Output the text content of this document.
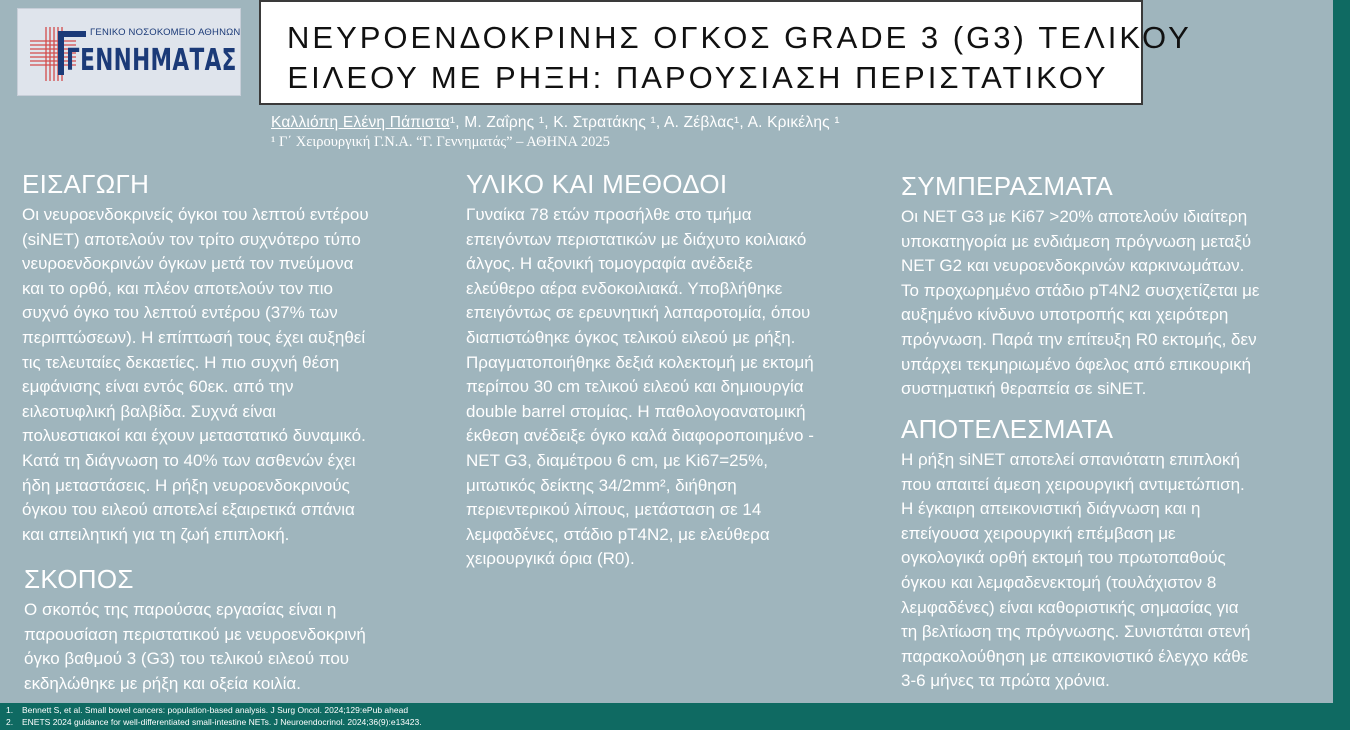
ΓΕΝΙΚΟ ΝΟΣΟΚΟΜΕΙΟ ΑΘΗΝΩΝ
ΓΕΝΝΗΜΑΤΑΣ
ΝΕΥΡΟΕΝΔΟΚΡΙΝΗΣ ΟΓΚΟΣ GRADE 3 (G3) ΤΕΛΙΚΟΥ
ΕΙΛΕΟΥ ΜΕ ΡΗΞΗ: ΠΑΡΟΥΣΙΑΣΗ ΠΕΡΙΣΤΑΤΙΚΟΥ
Καλλιόπη Ελένη Πάπιστα¹, Μ. Ζαΐρης ¹, Κ. Στρατάκης ¹, Α. Ζέβλας¹, Α. Κρικέλης ¹
¹ Γ΄ Χειρουργική Γ.Ν.Α. “Γ. Γεννηματάς” – ΑΘΗΝΑ 2025
ΕΙΣΑΓΩΓΗ
Οι νευροενδοκρινείς όγκοι του λεπτού εντέρου
(siNET) αποτελούν τον τρίτο συχνότερο τύπο
νευροενδοκρινών όγκων μετά τον πνεύμονα
και το ορθό, και πλέον αποτελούν τον πιο
συχνό όγκο του λεπτού εντέρου (37% των
περιπτώσεων). Η επίπτωσή τους έχει αυξηθεί
τις τελευταίες δεκαετίες. Η πιο συχνή θέση
εμφάνισης είναι εντός 60εκ. από την
ειλεοτυφλική βαλβίδα. Συχνά είναι
πολυεστιακοί και έχουν μεταστατικό δυναμικό.
Κατά τη διάγνωση το 40% των ασθενών έχει
ήδη μεταστάσεις. Η ρήξη νευροενδοκρινούς
όγκου του ειλεού αποτελεί εξαιρετικά σπάνια
και απειλητική για τη ζωή επιπλοκή.
ΣΚΟΠΟΣ
Ο σκοπός της παρούσας εργασίας είναι η
παρουσίαση περιστατικού με νευροενδοκρινή
όγκο βαθμού 3 (G3) του τελικού ειλεού που
εκδηλώθηκε με ρήξη και οξεία κοιλία.
ΥΛΙΚΟ ΚΑΙ ΜΕΘΟΔΟΙ
Γυναίκα 78 ετών προσήλθε στο τμήμα
επειγόντων περιστατικών με διάχυτο κοιλιακό
άλγος. Η αξονική τομογραφία ανέδειξε
ελεύθερο αέρα ενδοκοιλιακά. Υποβλήθηκε
επειγόντως σε ερευνητική λαπαροτομία, όπου
διαπιστώθηκε όγκος τελικού ειλεού με ρήξη.
Πραγματοποιήθηκε δεξιά κολεκτομή με εκτομή
περίπου 30 cm τελικού ειλεού και δημιουργία
double barrel στομίας. Η παθολογοανατομική
έκθεση ανέδειξε όγκο καλά διαφοροποιημένο -
NET G3, διαμέτρου 6 cm, με Ki67=25%,
μιτωτικός δείκτης 34/2mm², διήθηση
περιεντερικού λίπους, μετάσταση σε 14
λεμφαδένες, στάδιο pT4N2, με ελεύθερα
χειρουργικά όρια (R0).
ΣΥΜΠΕΡΑΣΜΑΤΑ
Οι NET G3 με Ki67 >20% αποτελούν ιδιαίτερη
υποκατηγορία με ενδιάμεση πρόγνωση μεταξύ
NET G2 και νευροενδοκρινών καρκινωμάτων.
Το προχωρημένο στάδιο pT4N2 συσχετίζεται με
αυξημένο κίνδυνο υποτροπής και χειρότερη
πρόγνωση. Παρά την επίτευξη R0 εκτομής, δεν
υπάρχει τεκμηριωμένο όφελος από επικουρική
συστηματική θεραπεία σε siNET.
ΑΠΟΤΕΛΕΣΜΑΤΑ
Η ρήξη siNET αποτελεί σπανιότατη επιπλοκή
που απαιτεί άμεση χειρουργική αντιμετώπιση.
Η έγκαιρη απεικονιστική διάγνωση και η
επείγουσα χειρουργική επέμβαση με
ογκολογικά ορθή εκτομή του πρωτοπαθούς
όγκου και λεμφαδενεκτομή (τουλάχιστον 8
λεμφαδένες) είναι καθοριστικής σημασίας για
τη βελτίωση της πρόγνωσης. Συνιστάται στενή
παρακολούθηση με απεικονιστικό έλεγχο κάθε
3-6 μήνες τα πρώτα χρόνια.
1. Bennett S, et al. Small bowel cancers: population-based analysis. J Surg Oncol. 2024;129:ePub ahead
2. ENETS 2024 guidance for well-differentiated small-intestine NETs. J Neuroendocrinol. 2024;36(9):e13423.
